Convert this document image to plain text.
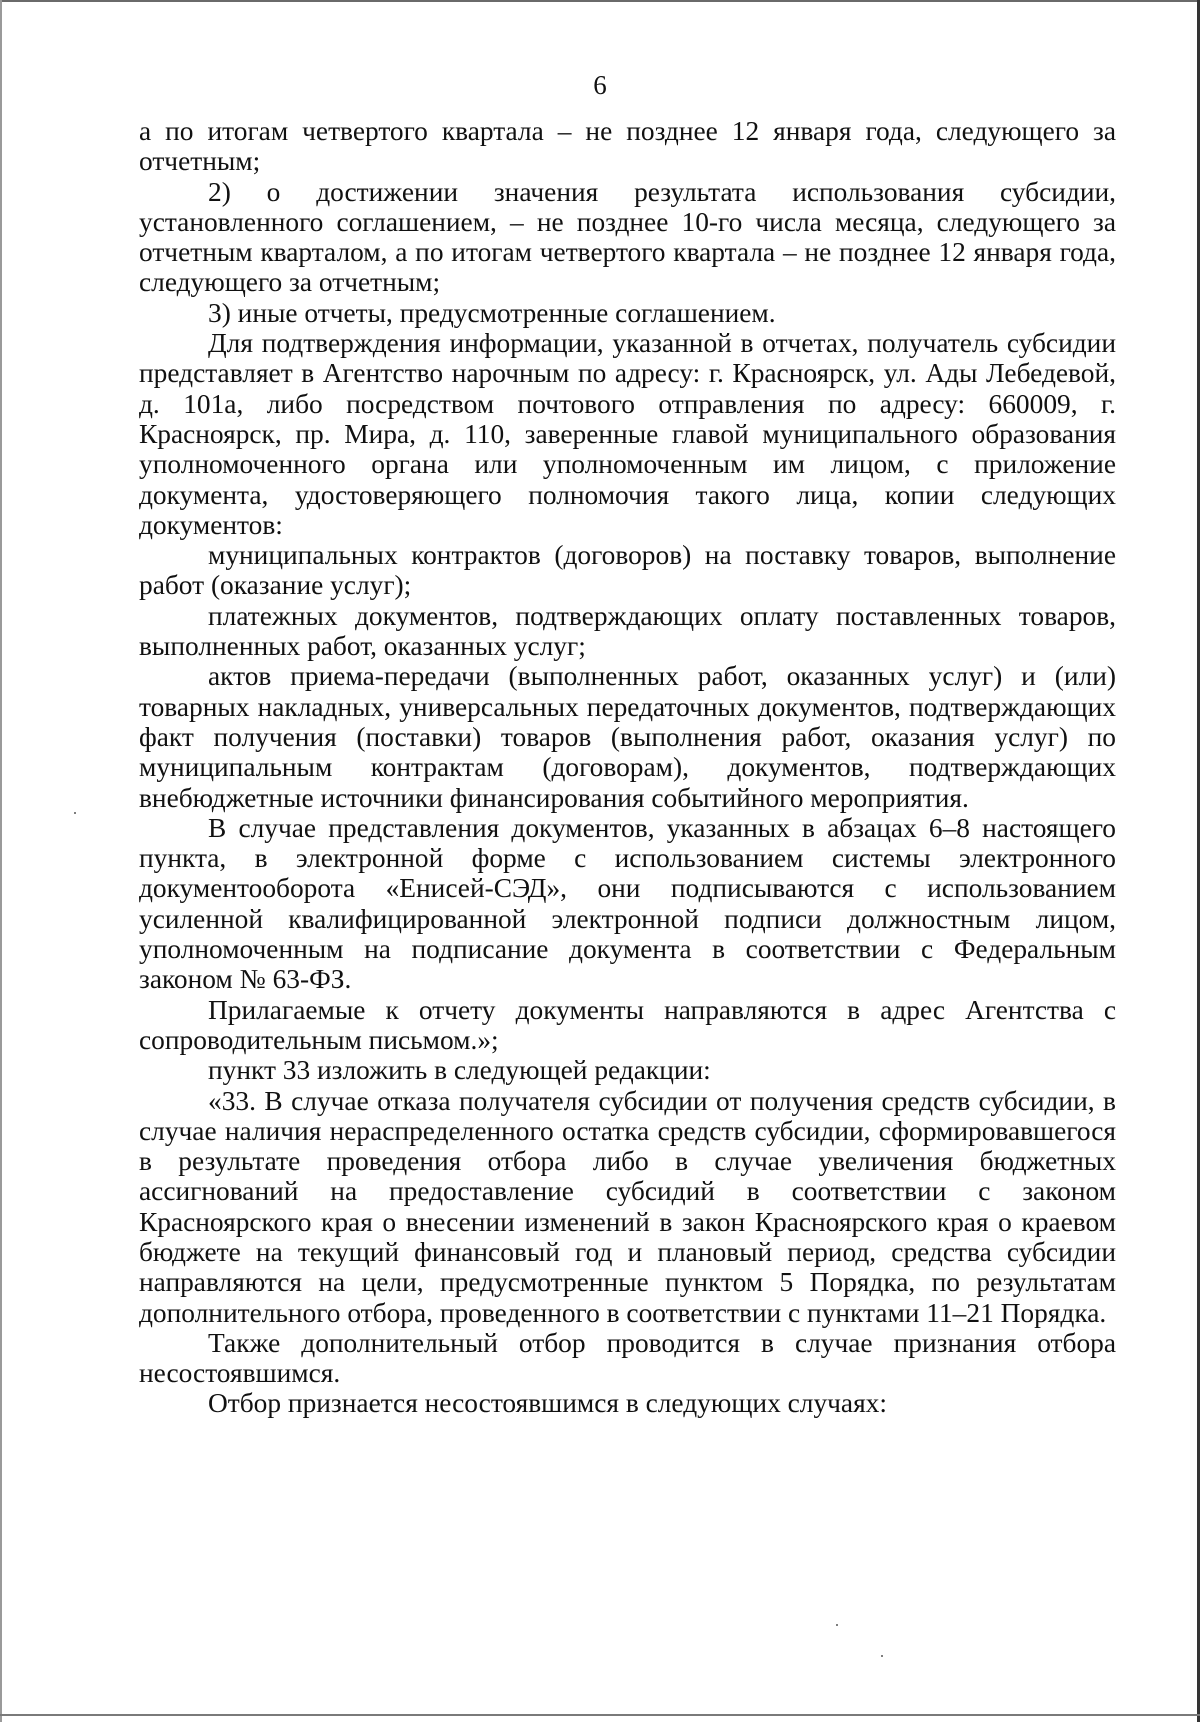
6

а по итогам четвертого квартала – не позднее 12 января года, следующего за отчетным;

2) о достижении значения результата использования субсидии, установленного соглашением, – не позднее 10-го числа месяца, следующего за отчетным кварталом, а по итогам четвертого квартала – не позднее 12 января года, следующего за отчетным;

3) иные отчеты, предусмотренные соглашением.

Для подтверждения информации, указанной в отчетах, получатель субсидии представляет в Агентство нарочным по адресу: г. Красноярск, ул. Ады Лебедевой, д. 101а, либо посредством почтового отправления по адресу: 660009, г. Красноярск, пр. Мира, д. 110, заверенные главой муниципального образования уполномоченного органа или уполномоченным им лицом, с приложение документа, удостоверяющего полномочия такого лица, копии следующих документов:

муниципальных контрактов (договоров) на поставку товаров, выполнение работ (оказание услуг);

платежных документов, подтверждающих оплату поставленных товаров, выполненных работ, оказанных услуг;

актов приема-передачи (выполненных работ, оказанных услуг) и (или) товарных накладных, универсальных передаточных документов, подтверждающих факт получения (поставки) товаров (выполнения работ, оказания услуг) по муниципальным контрактам (договорам), документов, подтверждающих внебюджетные источники финансирования событийного мероприятия.

В случае представления документов, указанных в абзацах 6–8 настоящего пункта, в электронной форме с использованием системы электронного документооборота «Енисей-СЭД», они подписываются с использованием усиленной квалифицированной электронной подписи должностным лицом, уполномоченным на подписание документа в соответствии с Федеральным законом № 63-ФЗ.

Прилагаемые к отчету документы направляются в адрес Агентства с сопроводительным письмом.»;

пункт 33 изложить в следующей редакции:

«33. В случае отказа получателя субсидии от получения средств субсидии, в случае наличия нераспределенного остатка средств субсидии, сформировавшегося в результате проведения отбора либо в случае увеличения бюджетных ассигнований на предоставление субсидий в соответствии с законом Красноярского края о внесении изменений в закон Красноярского края о краевом бюджете на текущий финансовый год и плановый период, средства субсидии направляются на цели, предусмотренные пунктом 5 Порядка, по результатам дополнительного отбора, проведенного в соответствии с пунктами 11–21 Порядка.

Также дополнительный отбор проводится в случае признания отбора несостоявшимся.

Отбор признается несостоявшимся в следующих случаях:
